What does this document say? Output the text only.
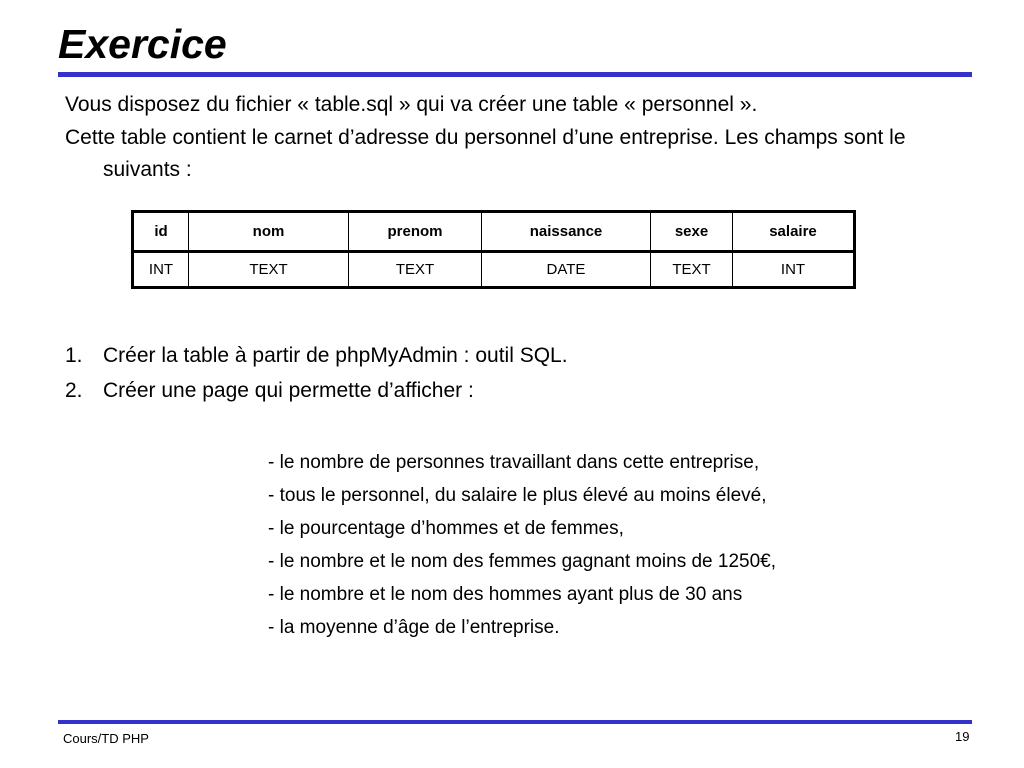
Exercice

Vous disposez du fichier « table.sql » qui va créer une table « personnel ».

Cette table contient le carnet d’adresse du personnel d’une entreprise. Les champs sont le suivants :

id	nom	prenom	naissance	sexe	salaire
INT	TEXT	TEXT	DATE	TEXT	INT
1. Créer la table à partir de phpMyAdmin : outil SQL.
2. Créer une page qui permette d’afficher :
- le nombre de personnes travaillant dans cette entreprise,
- tous le personnel, du salaire le plus élevé au moins élevé,
- le pourcentage d’hommes et de femmes,
- le nombre et le nom des femmes gagnant moins de 1250€,
- le nombre et le nom des hommes ayant plus de 30 ans
- la moyenne d’âge de l’entreprise.
Cours/TD PHP	19
